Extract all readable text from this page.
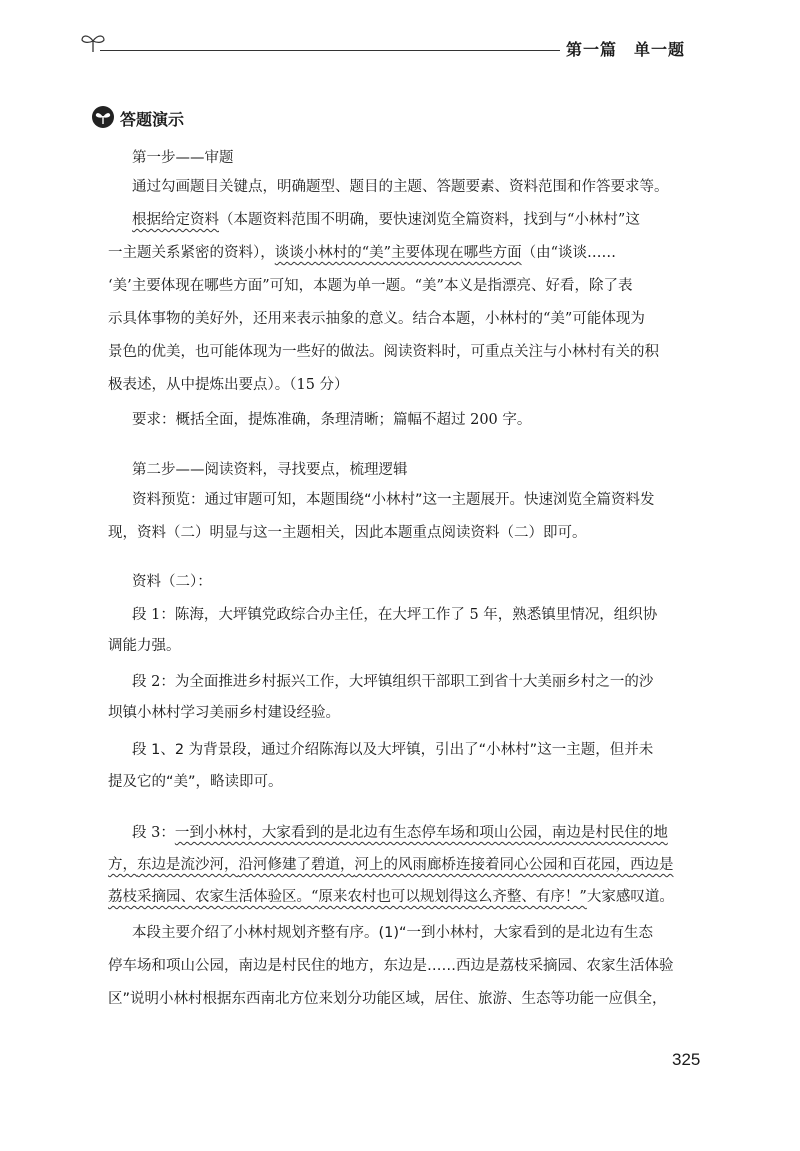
第一篇　单一题
答题演示
第一步——审题
通过勾画题目关键点，明确题型、题目的主题、答题要素、资料范围和作答要求等。
根据给定资料（本题资料范围不明确，要快速浏览全篇资料，找到与“小林村”这
一主题关系紧密的资料），谈谈小林村的“美”主要体现在哪些方面（由“谈谈……
‘美’主要体现在哪些方面”可知，本题为单一题。“美”本义是指漂亮、好看，除了表
示具体事物的美好外，还用来表示抽象的意义。结合本题，小林村的“美”可能体现为
景色的优美，也可能体现为一些好的做法。阅读资料时，可重点关注与小林村有关的积
极表述，从中提炼出要点）。（15 分）
要求：概括全面，提炼准确，条理清晰；篇幅不超过 200 字。
第二步——阅读资料，寻找要点，梳理逻辑
资料预览：通过审题可知，本题围绕“小林村”这一主题展开。快速浏览全篇资料发
现，资料（二）明显与这一主题相关，因此本题重点阅读资料（二）即可。
资料（二）：
段 1：陈海，大坪镇党政综合办主任，在大坪工作了 5 年，熟悉镇里情况，组织协
调能力强。
段 2：为全面推进乡村振兴工作，大坪镇组织干部职工到省十大美丽乡村之一的沙
坝镇小林村学习美丽乡村建设经验。
段 1、2 为背景段，通过介绍陈海以及大坪镇，引出了“小林村”这一主题，但并未
提及它的“美”，略读即可。
段 3：一到小林村，大家看到的是北边有生态停车场和项山公园，南边是村民住的地
方，东边是流沙河，沿河修建了碧道，河上的风雨廊桥连接着同心公园和百花园，西边是
荔枝采摘园、农家生活体验区。“原来农村也可以规划得这么齐整、有序！”大家感叹道。
本段主要介绍了小林村规划齐整有序。(1)“一到小林村，大家看到的是北边有生态
停车场和项山公园，南边是村民住的地方，东边是……西边是荔枝采摘园、农家生活体验
区”说明小林村根据东西南北方位来划分功能区域，居住、旅游、生态等功能一应俱全，
325
